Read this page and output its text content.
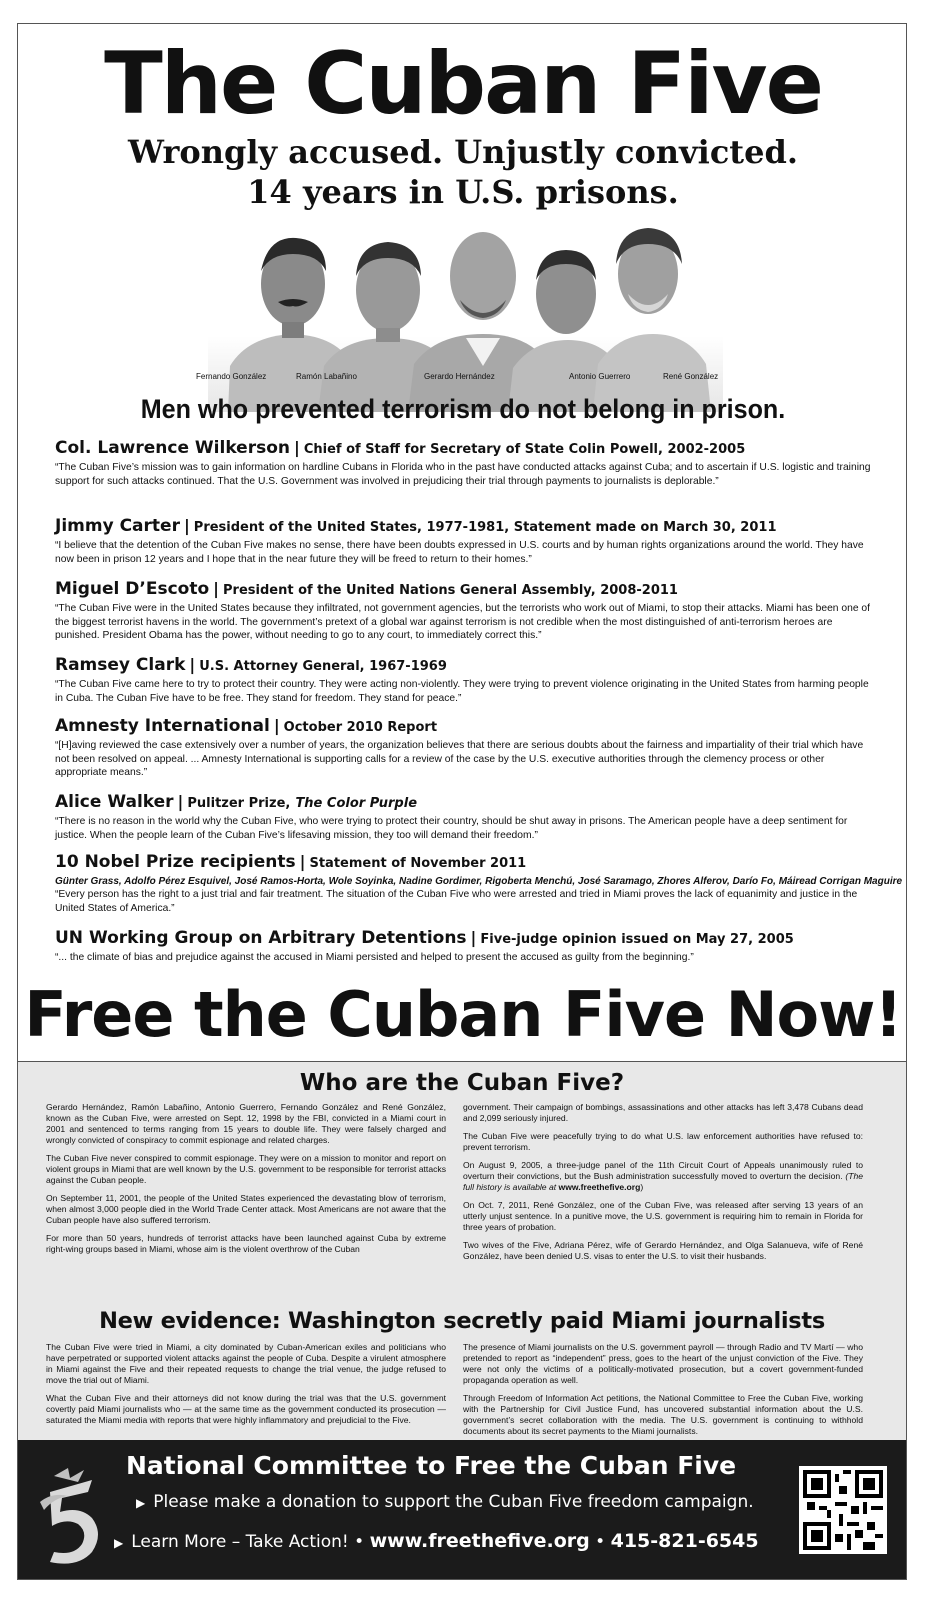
The Cuban Five
Wrongly accused. Unjustly convicted.
14 years in U.S. prisons.
Fernando González	Ramón Labañino	Gerardo Hernández	Antonio Guerrero	René González
Men who prevented terrorism do not belong in prison.
Col. Lawrence Wilkerson | Chief of Staff for Secretary of State Colin Powell, 2002-2005
“The Cuban Five’s mission was to gain information on hardline Cubans in Florida who in the past have conducted attacks against Cuba; and to ascertain if U.S. logistic and training support for such attacks continued. That the U.S. Government was involved in prejudicing their trial through payments to journalists is deplorable.”
Jimmy Carter | President of the United States, 1977-1981, Statement made on March 30, 2011
“I believe that the detention of the Cuban Five makes no sense, there have been doubts expressed in U.S. courts and by human rights organizations around the world. They have now been in prison 12 years and I hope that in the near future they will be freed to return to their homes.”
Miguel D’Escoto | President of the United Nations General Assembly, 2008-2011
“The Cuban Five were in the United States because they infiltrated, not government agencies, but the terrorists who work out of Miami, to stop their attacks. Miami has been one of the biggest terrorist havens in the world. The government’s pretext of a global war against terrorism is not credible when the most distinguished of anti-terrorism heroes are punished. President Obama has the power, without needing to go to any court, to immediately correct this.”
Ramsey Clark | U.S. Attorney General, 1967-1969
“The Cuban Five came here to try to protect their country. They were acting non-violently. They were trying to prevent violence originating in the United States from harming people in Cuba. The Cuban Five have to be free. They stand for freedom. They stand for peace.”
Amnesty International | October 2010 Report
“[H]aving reviewed the case extensively over a number of years, the organization believes that there are serious doubts about the fairness and impartiality of their trial which have not been resolved on appeal. ... Amnesty International is supporting calls for a review of the case by the U.S. executive authorities through the clemency process or other appropriate means.”
Alice Walker | Pulitzer Prize, The Color Purple
“There is no reason in the world why the Cuban Five, who were trying to protect their country, should be shut away in prisons. The American people have a deep sentiment for justice. When the people learn of the Cuban Five’s lifesaving mission, they too will demand their freedom.”
10 Nobel Prize recipients | Statement of November 2011
Günter Grass, Adolfo Pérez Esquivel, José Ramos-Horta, Wole Soyinka, Nadine Gordimer, Rigoberta Menchú, José Saramago, Zhores Alferov, Darío Fo, Máiread Corrigan Maguire
“Every person has the right to a just trial and fair treatment. The situation of the Cuban Five who were arrested and tried in Miami proves the lack of equanimity and justice in the United States of America.”
UN Working Group on Arbitrary Detentions | Five-judge opinion issued on May 27, 2005
“... the climate of bias and prejudice against the accused in Miami persisted and helped to present the accused as guilty from the beginning.”
Free the Cuban Five Now!
Who are the Cuban Five?

Gerardo Hernández, Ramón Labañino, Antonio Guerrero, Fernando González and René González, known as the Cuban Five, were arrested on Sept. 12, 1998 by the FBI, convicted in a Miami court in 2001 and sentenced to terms ranging from 15 years to double life. They were falsely charged and wrongly convicted of conspiracy to commit espionage and related charges.

The Cuban Five never conspired to commit espionage. They were on a mission to monitor and report on violent groups in Miami that are well known by the U.S. government to be responsible for terrorist attacks against the Cuban people.

On September 11, 2001, the people of the United States experienced the devastating blow of terrorism, when almost 3,000 people died in the World Trade Center attack. Most Americans are not aware that the Cuban people have also suffered terrorism.

For more than 50 years, hundreds of terrorist attacks have been launched against Cuba by extreme right-wing groups based in Miami, whose aim is the violent overthrow of the Cuban

government. Their campaign of bombings, assassinations and other attacks has left 3,478 Cubans dead and 2,099 seriously injured.

The Cuban Five were peacefully trying to do what U.S. law enforcement authorities have refused to: prevent terrorism.

On August 9, 2005, a three-judge panel of the 11th Circuit Court of Appeals unanimously ruled to overturn their convictions, but the Bush administration successfully moved to overturn the decision. (The full history is available at www.freethefive.org)

On Oct. 7, 2011, René González, one of the Cuban Five, was released after serving 13 years of an utterly unjust sentence. In a punitive move, the U.S. government is requiring him to remain in Florida for three years of probation.

Two wives of the Five, Adriana Pérez, wife of Gerardo Hernández, and Olga Salanueva, wife of René González, have been denied U.S. visas to enter the U.S. to visit their husbands.

New evidence: Washington secretly paid Miami journalists

The Cuban Five were tried in Miami, a city dominated by Cuban-American exiles and politicians who have perpetrated or supported violent attacks against the people of Cuba. Despite a virulent atmosphere in Miami against the Five and their repeated requests to change the trial venue, the judge refused to move the trial out of Miami.

What the Cuban Five and their attorneys did not know during the trial was that the U.S. government covertly paid Miami journalists who — at the same time as the government conducted its prosecution — saturated the Miami media with reports that were highly inflammatory and prejudicial to the Five.

The presence of Miami journalists on the U.S. government payroll — through Radio and TV Martí — who pretended to report as “independent” press, goes to the heart of the unjust conviction of the Five. They were not only the victims of a politically-motivated prosecution, but a covert government-funded propaganda operation as well.

Through Freedom of Information Act petitions, the National Committee to Free the Cuban Five, working with the Partnership for Civil Justice Fund, has uncovered substantial information about the U.S. government’s secret collaboration with the media. The U.S. government is continuing to withhold documents about its secret payments to the Miami journalists.

National Committee to Free the Cuban Five
▶ Please make a donation to support the Cuban Five freedom campaign.
▶ Learn More – Take Action! • www.freethefive.org • 415-821-6545
